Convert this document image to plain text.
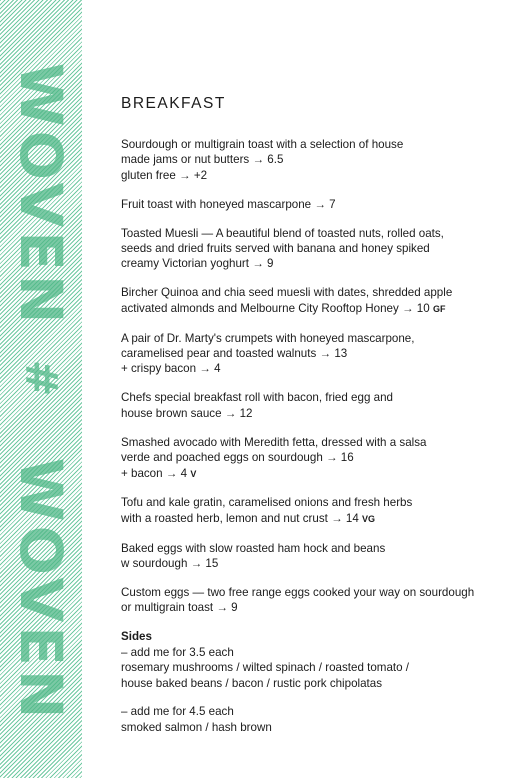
WOVEN
#
WOVEN
BREAKFAST
Sourdough or multigrain toast with a selection of house
made jams or nut butters → 6.5
gluten free → +2
Fruit toast with honeyed mascarpone → 7
Toasted Muesli — A beautiful blend of toasted nuts, rolled oats,
seeds and dried fruits served with banana and honey spiked
creamy Victorian yoghurt → 9
Bircher Quinoa and chia seed muesli with dates, shredded apple
activated almonds and Melbourne City Rooftop Honey → 10 GF
A pair of Dr. Marty's crumpets with honeyed mascarpone,
caramelised pear and toasted walnuts → 13
+ crispy bacon → 4
Chefs special breakfast roll with bacon, fried egg and
house brown sauce → 12
Smashed avocado with Meredith fetta, dressed with a salsa
verde and poached eggs on sourdough → 16
+ bacon → 4 V
Tofu and kale gratin, caramelised onions and fresh herbs
with a roasted herb, lemon and nut crust → 14 VG
Baked eggs with slow roasted ham hock and beans
w sourdough → 15
Custom eggs — two free range eggs cooked your way on sourdough
or multigrain toast → 9
Sides
– add me for 3.5 each
rosemary mushrooms / wilted spinach / roasted tomato /
house baked beans / bacon / rustic pork chipolatas
– add me for 4.5 each
smoked salmon / hash brown
